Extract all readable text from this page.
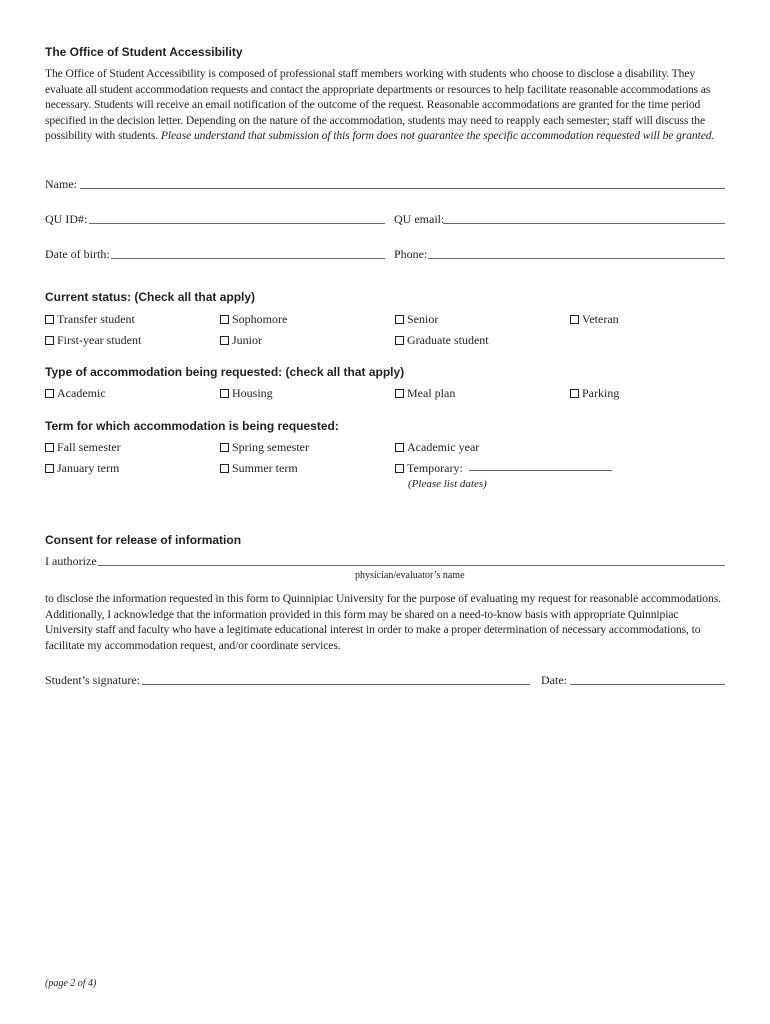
The Office of Student Accessibility
The Office of Student Accessibility is composed of professional staff members working with students who choose to disclose a disability. They evaluate all student accommodation requests and contact the appropriate departments or resources to help facilitate reasonable accommodations as necessary. Students will receive an email notification of the outcome of the request. Reasonable accommodations are granted for the time period specified in the decision letter. Depending on the nature of the accommodation, students may need to reapply each semester; staff will discuss the possibility with students. Please understand that submission of this form does not guarantee the specific accommodation requested will be granted.
Name:
QU ID#:	QU email:
Date of birth:	Phone:
Current status: (Check all that apply)
Transfer student	Sophomore	Senior	Veteran
First-year student	Junior	Graduate student
Type of accommodation being requested: (check all that apply)
Academic	Housing	Meal plan	Parking
Term for which accommodation is being requested:
Fall semester	Spring semester	Academic year
January term	Summer term	Temporary:
(Please list dates)
Consent for release of information
I authorize
physician/evaluator’s name
to disclose the information requested in this form to Quinnipiac University for the purpose of evaluating my request for reasonable accommodations. Additionally, I acknowledge that the information provided in this form may be shared on a need-to-know basis with appropriate Quinnipiac University staff and faculty who have a legitimate educational interest in order to make a proper determination of necessary accommodations, to facilitate my accommodation request, and/or coordinate services.
Student’s signature:	Date:
(page 2 of 4)
